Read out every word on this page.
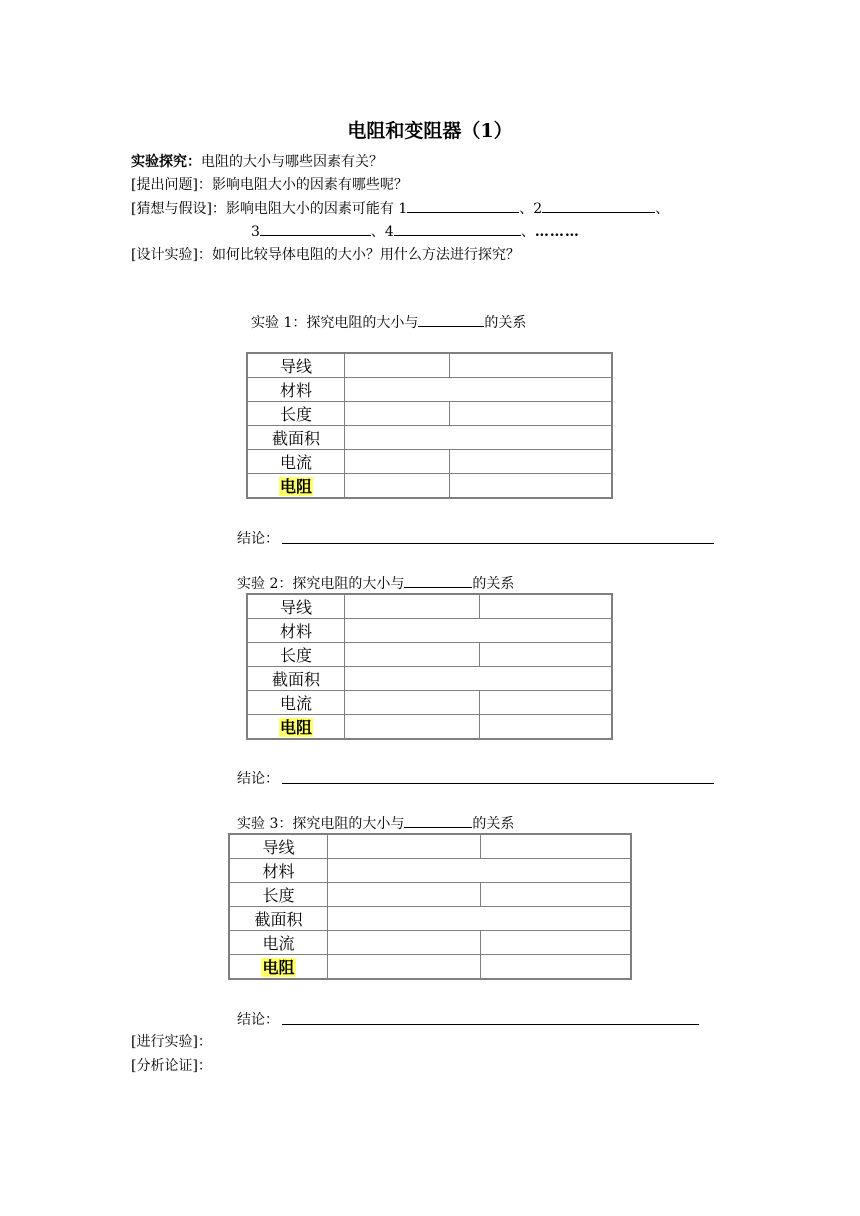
电阻和变阻器（1）
实验探究：电阻的大小与哪些因素有关？
[提出问题]：影响电阻大小的因素有哪些呢？
[猜想与假设]：影响电阻大小的因素可能有 1	、2	、
3	、4	、………
[设计实验]：如何比较导体电阻的大小？用什么方法进行探究？
实验 1：探究电阻的大小与	的关系
导线		
材料		
长度		
截面积		
电流		
电阻		
结论：
实验 2：探究电阻的大小与	的关系
导线		
材料		
长度		
截面积		
电流		
电阻		
结论：
实验 3：探究电阻的大小与	的关系
导线		
材料		
长度		
截面积		
电流		
电阻		
结论：
[进行实验]：
[分析论证]：
